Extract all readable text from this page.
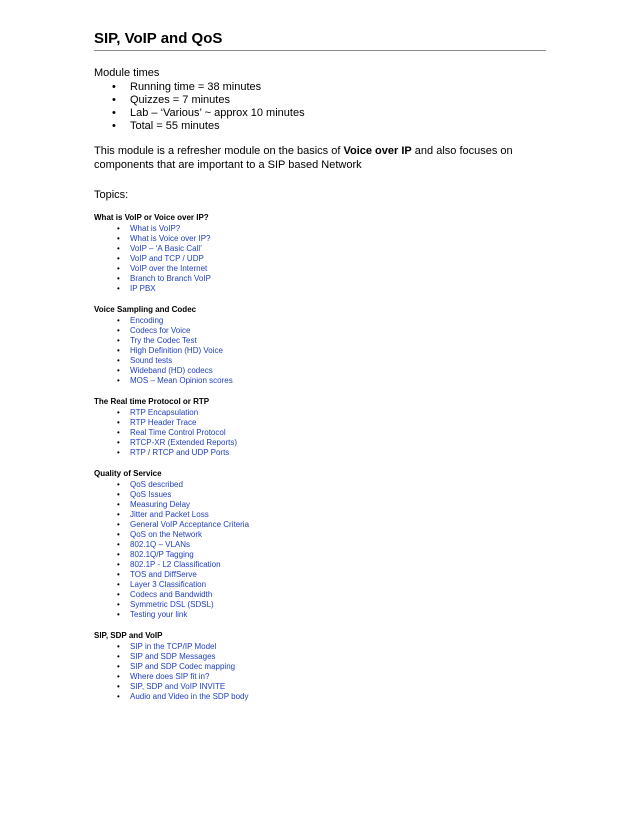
SIP, VoIP and QoS
Module times
• Running time = 38 minutes
• Quizzes = 7 minutes
• Lab – ‘Various’ ~ approx 10 minutes
• Total = 55 minutes

This module is a refresher module on the basics of Voice over IP and also focuses on components that are important to a SIP based Network

Topics:
What is VoIP or Voice over IP?
• What is VoIP?
• What is Voice over IP?
• VoIP – ‘A Basic Call’
• VoIP and TCP / UDP
• VoIP over the Internet
• Branch to Branch VoIP
• IP PBX
Voice Sampling and Codec
• Encoding
• Codecs for Voice
• Try the Codec Test
• High Definition (HD) Voice
• Sound tests
• Wideband (HD) codecs
• MOS – Mean Opinion scores
The Real time Protocol or RTP
• RTP Encapsulation
• RTP Header Trace
• Real Time Control Protocol
• RTCP-XR (Extended Reports)
• RTP / RTCP and UDP Ports
Quality of Service
• QoS described
• QoS Issues
• Measuring Delay
• Jitter and Packet Loss
• General VoIP Acceptance Criteria
• QoS on the Network
• 802.1Q – VLANs
• 802.1Q/P Tagging
• 802.1P - L2 Classification
• TOS and DiffServe
• Layer 3 Classification
• Codecs and Bandwidth
• Symmetric DSL (SDSL)
• Testing your link
SIP, SDP and VoIP
• SIP in the TCP/IP Model
• SIP and SDP Messages
• SIP and SDP Codec mapping
• Where does SIP fit in?
• SIP, SDP and VoIP INVITE
• Audio and Video in the SDP body
